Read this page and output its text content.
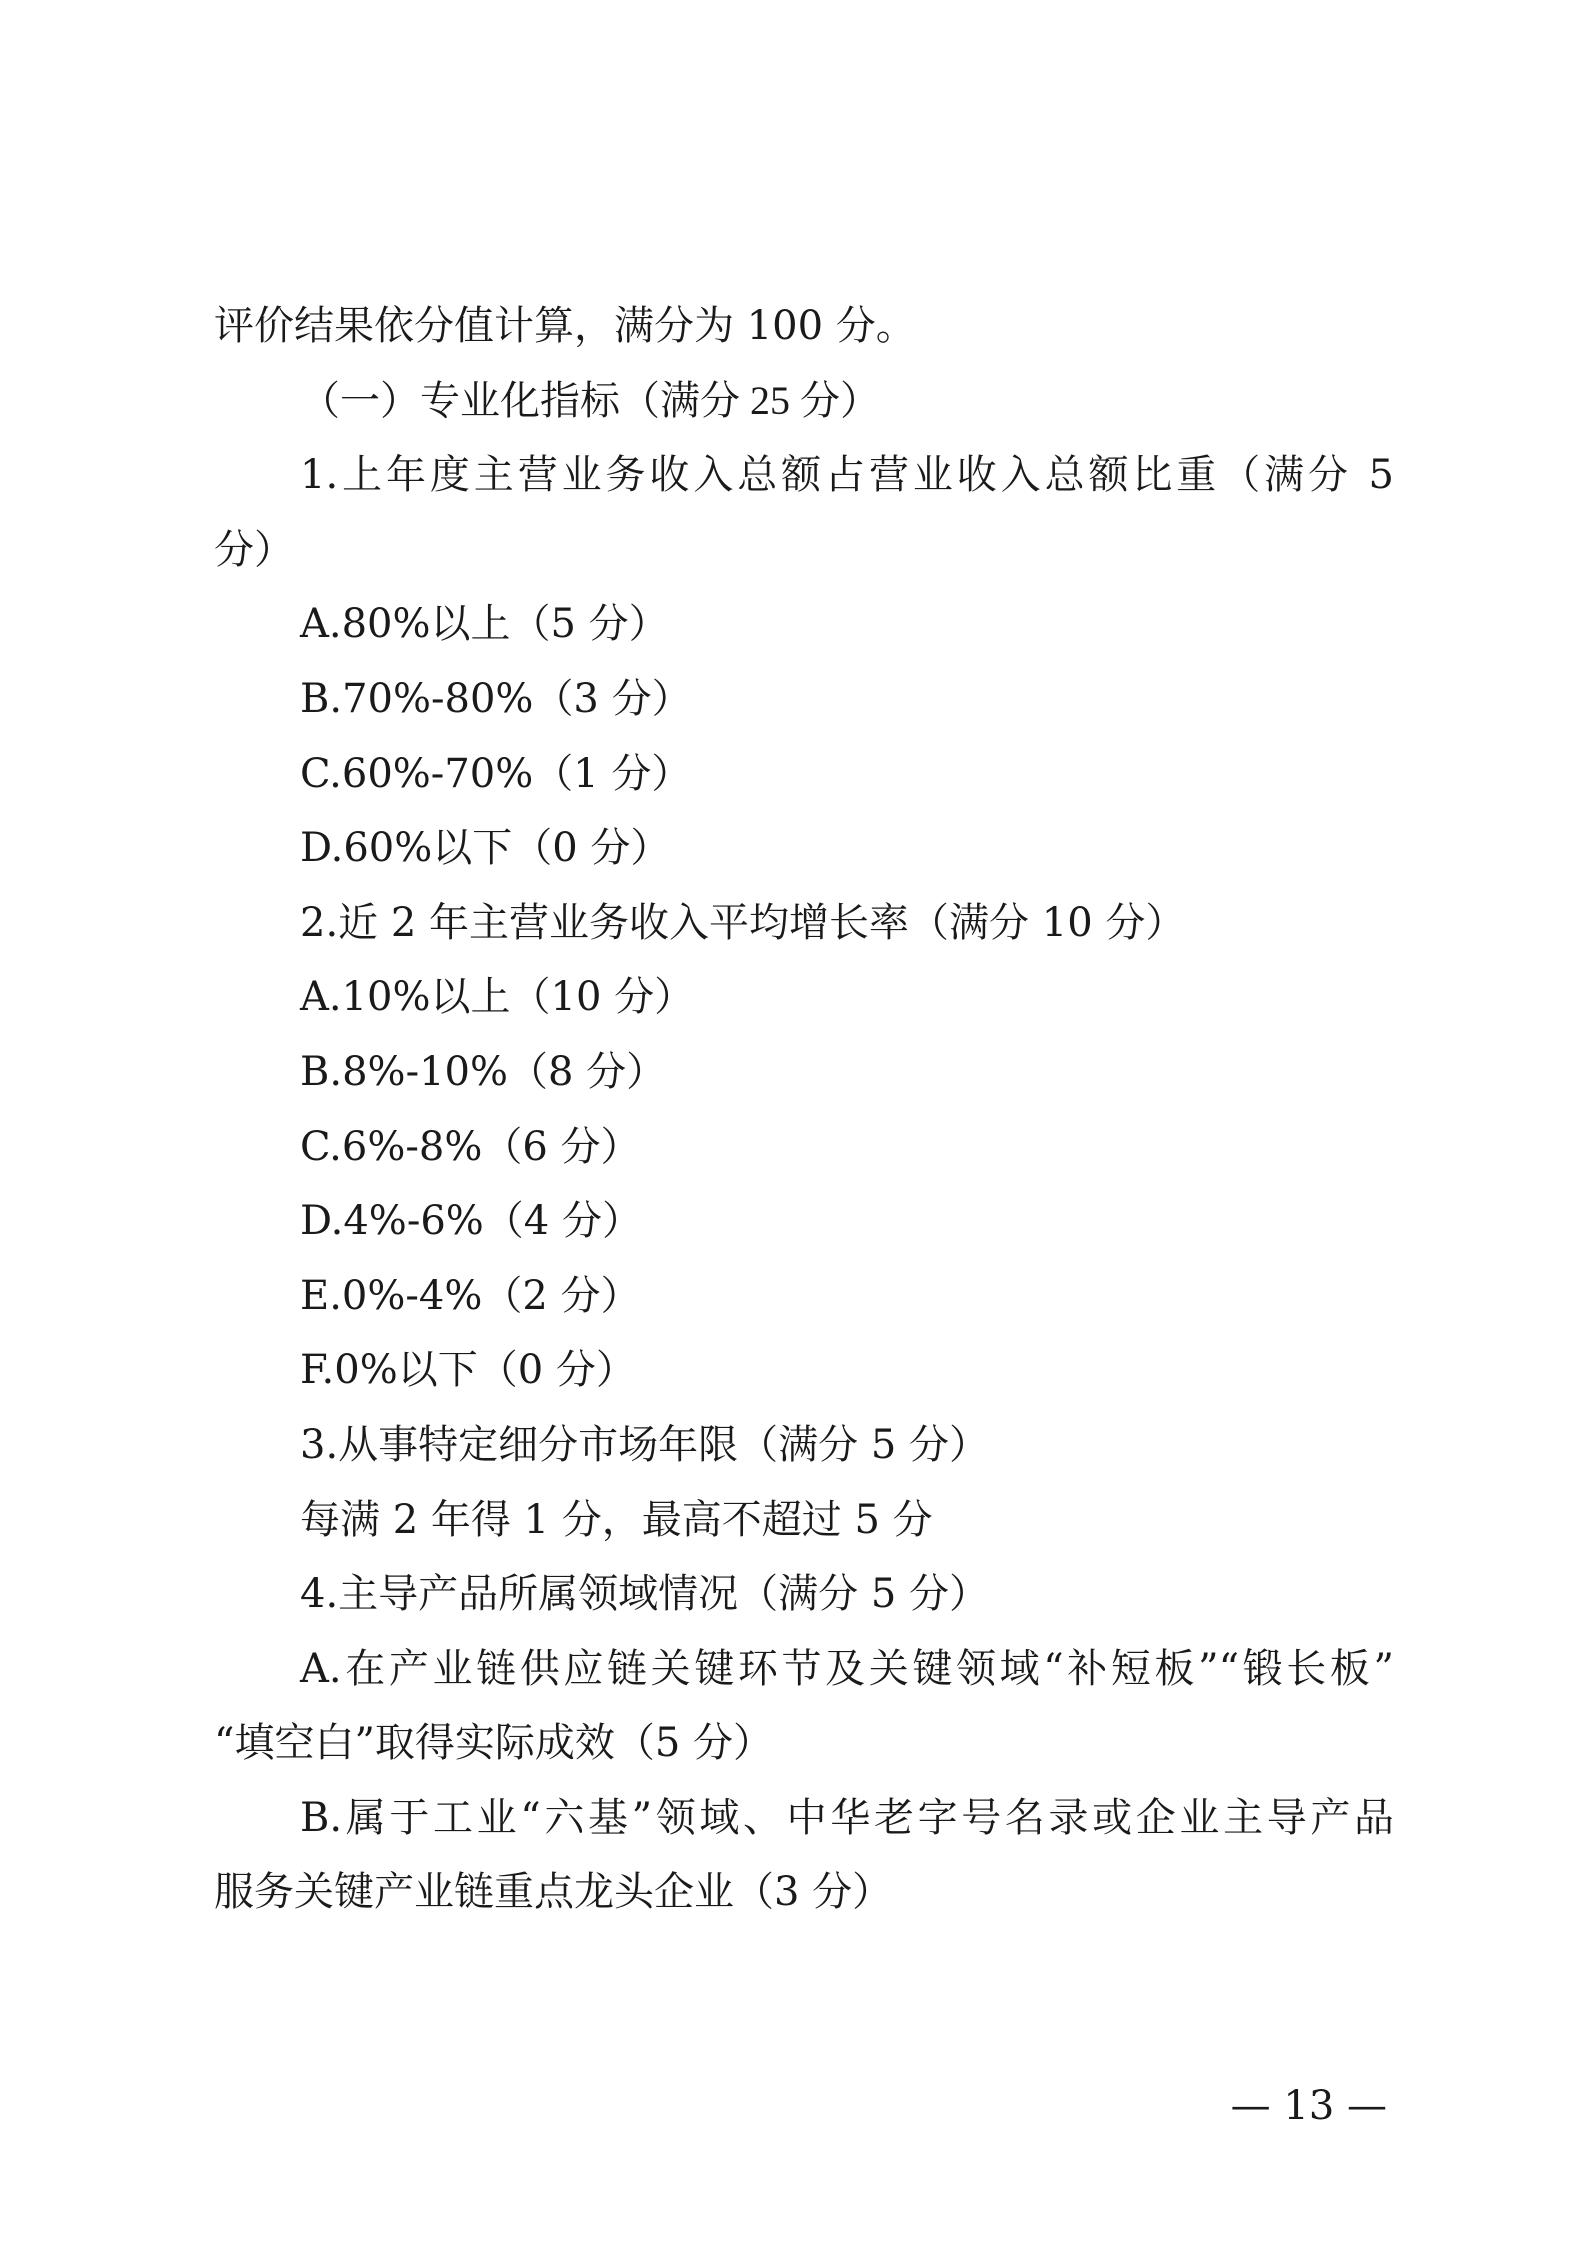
评价结果依分值计算，满分为 100 分。
（一）专业化指标（满分 25 分）
1.上年度主营业务收入总额占营业收入总额比重（满分 5
分）
A.80%以上（5 分）
B.70%-80%（3 分）
C.60%-70%（1 分）
D.60%以下（0 分）
2.近 2 年主营业务收入平均增长率（满分 10 分）
A.10%以上（10 分）
B.8%-10%（8 分）
C.6%-8%（6 分）
D.4%-6%（4 分）
E.0%-4%（2 分）
F.0%以下（0 分）
3.从事特定细分市场年限（满分 5 分）
每满 2 年得 1 分，最高不超过 5 分
4.主导产品所属领域情况（满分 5 分）
A.在产业链供应链关键环节及关键领域“补短板”“锻长板”
“填空白”取得实际成效（5 分）
B.属于工业“六基”领域、中华老字号名录或企业主导产品
服务关键产业链重点龙头企业（3 分）
— 13 —
